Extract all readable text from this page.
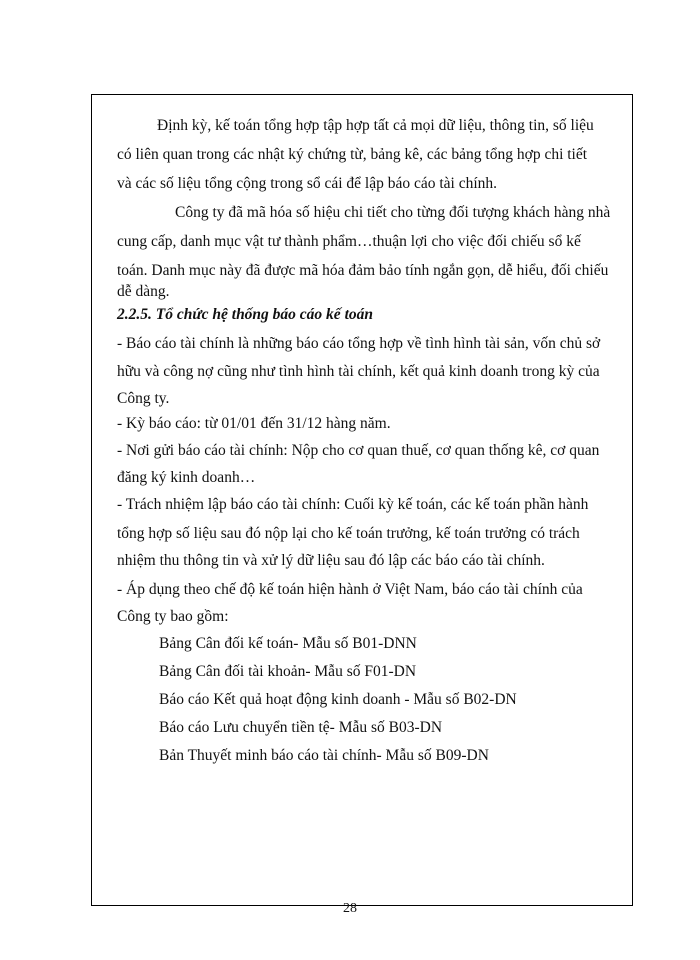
Định kỳ, kế toán tổng hợp tập hợp tất cả mọi dữ liệu, thông tin, số liệu
có liên quan trong các nhật ký chứng từ, bảng kê, các bảng tổng hợp chi tiết
và các số liệu tổng cộng trong sổ cái để lập báo cáo tài chính.
Công ty đã mã hóa số hiệu chi tiết cho từng đối tượng khách hàng nhà
cung cấp, danh mục vật tư thành phẩm…thuận lợi cho việc đối chiếu sổ kế
toán. Danh mục này đã được mã hóa đảm bảo tính ngắn gọn, dễ hiểu, đối chiếu
dễ dàng.
2.2.5. Tổ chức hệ thống báo cáo kế toán
- Báo cáo tài chính là những báo cáo tổng hợp về tình hình tài sản, vốn chủ sở
hữu và công nợ cũng như tình hình tài chính, kết quả kinh doanh trong kỳ của
Công ty.
- Kỳ báo cáo: từ 01/01 đến 31/12 hàng năm.
- Nơi gửi báo cáo tài chính: Nộp cho cơ quan thuế, cơ quan thống kê, cơ quan
đăng ký kinh doanh…
- Trách nhiệm lập báo cáo tài chính: Cuối kỳ kế toán, các kế toán phần hành
tổng hợp số liệu sau đó nộp lại cho kế toán trưởng, kế toán trưởng có trách
nhiệm thu thông tin và xử lý dữ liệu sau đó lập các báo cáo tài chính.
- Áp dụng theo chế độ kế toán hiện hành ở Việt Nam, báo cáo tài chính của
Công ty bao gồm:
Bảng Cân đối kế toán- Mẫu số B01-DNN
Bảng Cân đối tài khoản- Mẫu số F01-DN
Báo cáo Kết quả hoạt động kinh doanh - Mẫu số B02-DN
Báo cáo Lưu chuyển tiền tệ- Mẫu số B03-DN
Bản Thuyết minh báo cáo tài chính- Mẫu số B09-DN
28
